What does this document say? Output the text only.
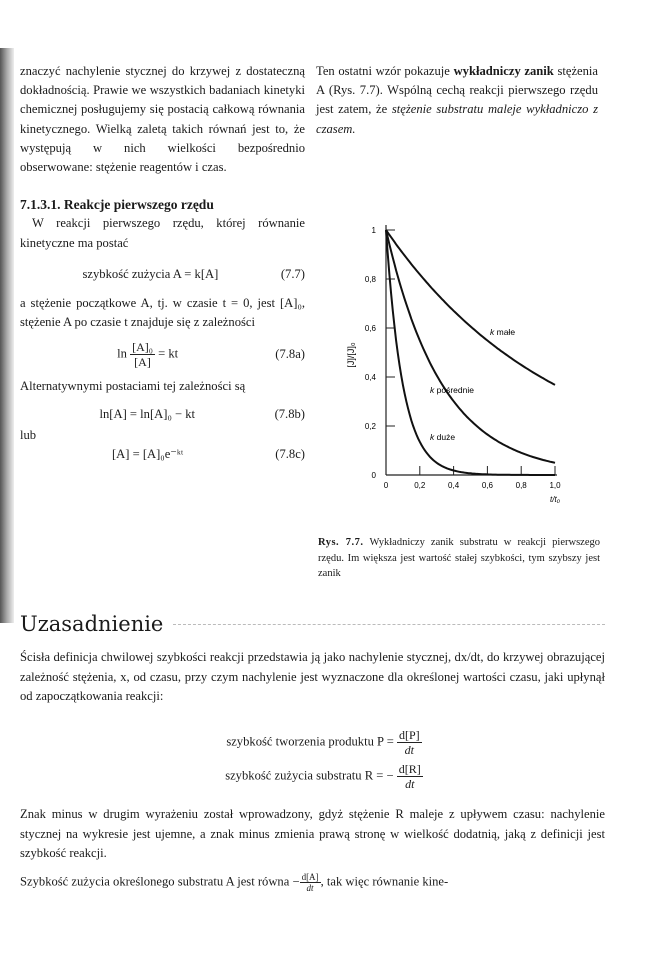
znaczyć nachylenie stycznej do krzywej z dostateczną dokładnością. Prawie we wszystkich badaniach kinetyki chemicznej posługujemy się postacią całkową równania kinetycznego. Wielką zaletą takich równań jest to, że występują w nich wielkości bezpośrednio obserwowane: stężenie reagentów i czas.

7.1.3.1. Reakcje pierwszego rzędu

W reakcji pierwszego rzędu, której równanie kinetyczne ma postać

szybkość zużycia A = k[A]	(7.7)

a stężenie początkowe A, tj. w czasie t = 0, jest [A]₀, stężenie A po czasie t znajduje się z zależności

$\ln \frac{\text{[A]₀}}{[A]}$ = kt	(7.8a)

Alternatywnymi postaciami tej zależności są

ln[A] = ln[A]₀ − kt	(7.8b)

lub

[A] = [A]₀e⁻ᵏᵗ	(7.8c)

Ten ostatni wzór pokazuje wykładniczy zanik stężenia A (Rys. 7.7). Wspólną cechą reakcji pierwszego rzędu jest zatem, że stężenie substratu maleje wykładniczo z czasem.

0	0,2	0,4	0,6	0,8	1,0
0
0,2
0,4
0,6
0,8
1
t/t₀
[J]/[J]₀
k małe
k pośrednie
k duże
Rys. 7.7. Wykładniczy zanik substratu w reakcji pierwszego rzędu. Im większa jest wartość stałej szybkości, tym szybszy jest zanik
Uzasadnienie

Ścisła definicja chwilowej szybkości reakcji przedstawia ją jako nachylenie stycznej, dx/dt, do krzywej obrazującej zależność stężenia, x, od czasu, przy czym nachylenie jest wyznaczone dla określonej wartości czasu, jaki upłynął od zapoczątkowania reakcji:

szybkość tworzenia produktu $P = \frac{d[P]}{dt}$
szybkość zużycia substratu R = − $\frac{d[R]}{dt}$

Znak minus w drugim wyrażeniu został wprowadzony, gdyż stężenie R maleje z upływem czasu: nachylenie stycznej na wykresie jest ujemne, a znak minus zmienia prawą stronę w wielkość dodatnią, jaką z definicji jest szybkość reakcji.

Szybkość zużycia określonego substratu A jest równa − $\frac{d[A]}{dt}$ , tak więc równanie kine-
